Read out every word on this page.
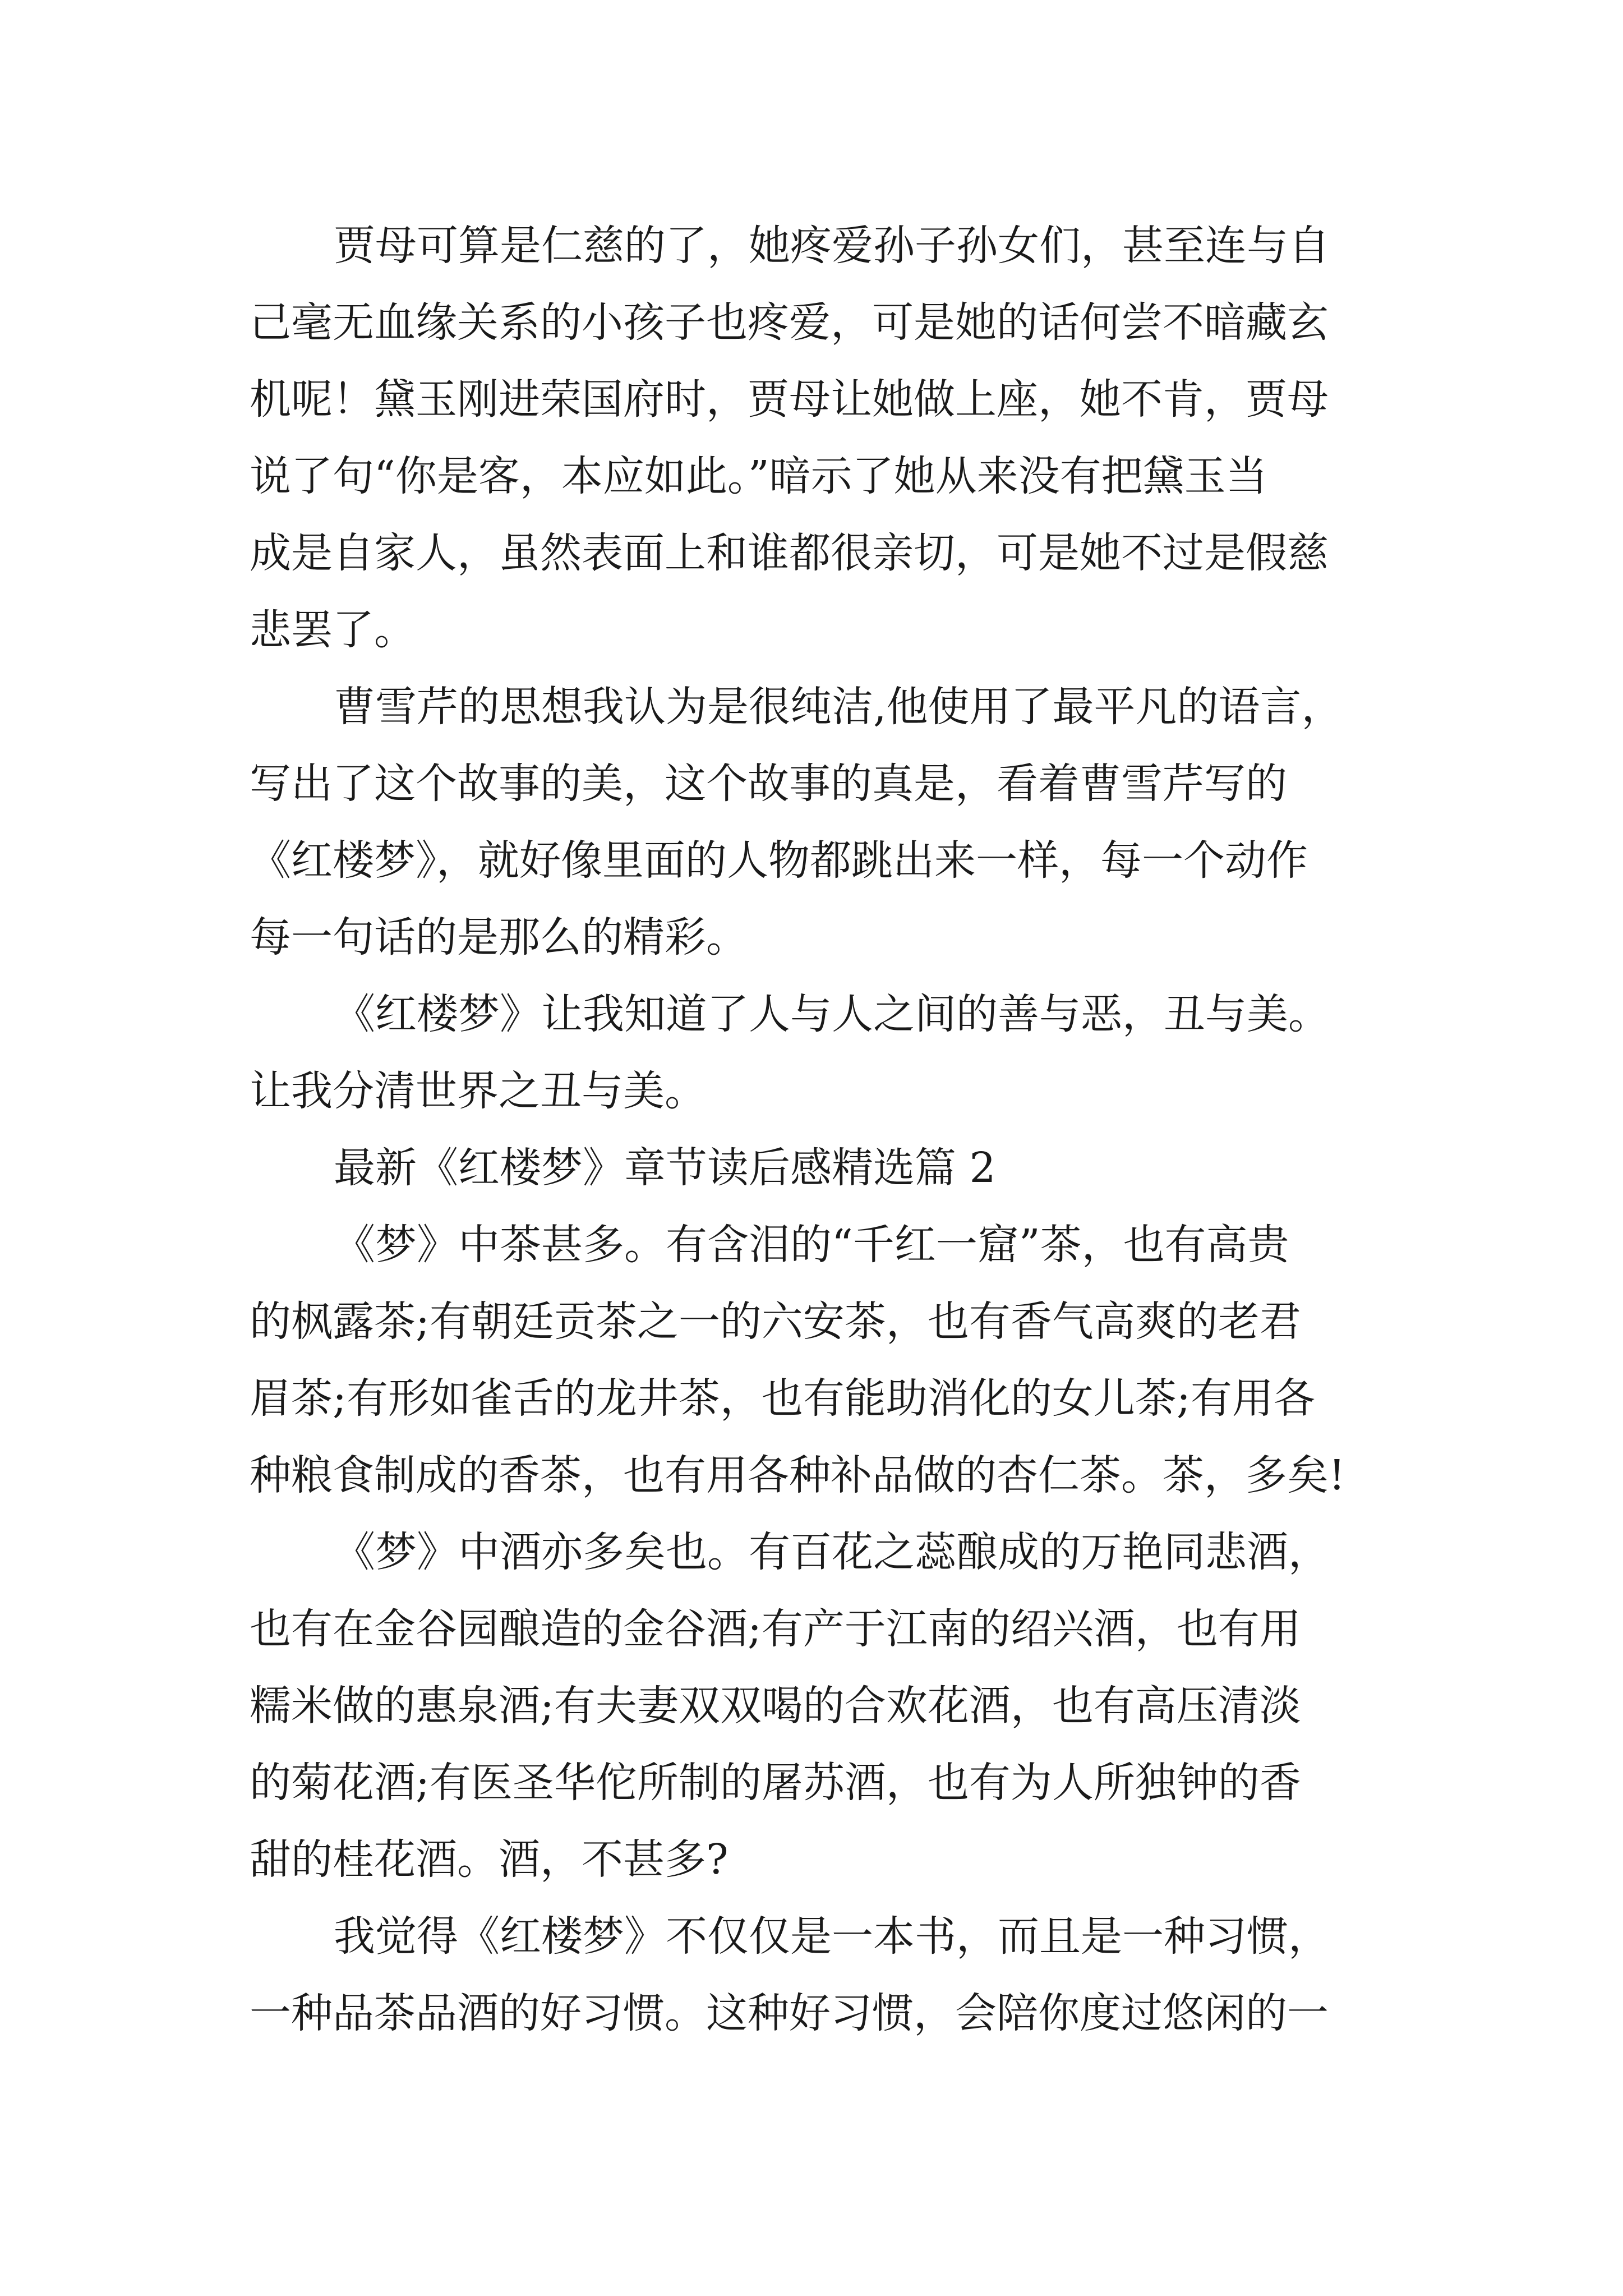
贾母可算是仁慈的了，她疼爱孙子孙女们，甚至连与自

己毫无血缘关系的小孩子也疼爱，可是她的话何尝不暗藏玄

机呢！黛玉刚进荣国府时，贾母让她做上座，她不肯，贾母

说了句“你是客，本应如此。”暗示了她从来没有把黛玉当

成是自家人，虽然表面上和谁都很亲切，可是她不过是假慈

悲罢了。

曹雪芹的思想我认为是很纯洁,他使用了最平凡的语言，

写出了这个故事的美，这个故事的真是，看着曹雪芹写的

《红楼梦》，就好像里面的人物都跳出来一样，每一个动作

每一句话的是那么的精彩。

《红楼梦》让我知道了人与人之间的善与恶，丑与美。

让我分清世界之丑与美。

最新《红楼梦》章节读后感精选篇 2

《梦》中茶甚多。有含泪的“千红一窟”茶，也有高贵

的枫露茶;有朝廷贡茶之一的六安茶，也有香气高爽的老君

眉茶;有形如雀舌的龙井茶，也有能助消化的女儿茶;有用各

种粮食制成的香茶，也有用各种补品做的杏仁茶。茶，多矣!

《梦》中酒亦多矣也。有百花之蕊酿成的万艳同悲酒，

也有在金谷园酿造的金谷酒;有产于江南的绍兴酒，也有用

糯米做的惠泉酒;有夫妻双双喝的合欢花酒，也有高压清淡

的菊花酒;有医圣华佗所制的屠苏酒，也有为人所独钟的香

甜的桂花酒。酒，不甚多?

我觉得《红楼梦》不仅仅是一本书，而且是一种习惯，

一种品茶品酒的好习惯。这种好习惯，会陪你度过悠闲的一
